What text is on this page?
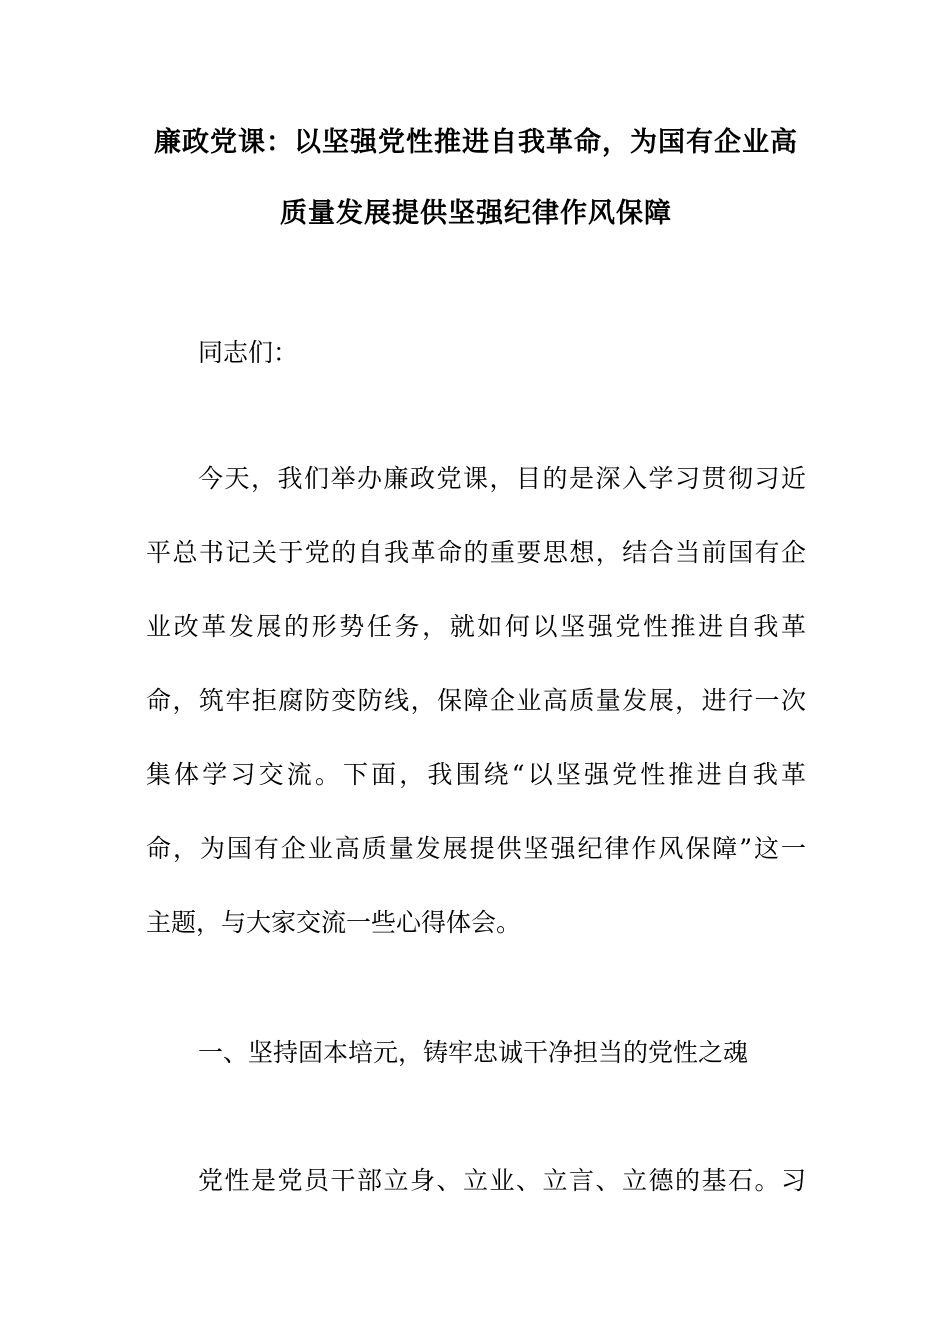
廉政党课：以坚强党性推进自我革命，为国有企业高
质量发展提供坚强纪律作风保障
同志们：
今天，我们举办廉政党课，目的是深入学习贯彻习近
平总书记关于党的自我革命的重要思想，结合当前国有企
业改革发展的形势任务，就如何以坚强党性推进自我革
命，筑牢拒腐防变防线，保障企业高质量发展，进行一次
集体学习交流。下面，我围绕“以坚强党性推进自我革
命，为国有企业高质量发展提供坚强纪律作风保障”这一
主题，与大家交流一些心得体会。
一、坚持固本培元，铸牢忠诚干净担当的党性之魂
党性是党员干部立身、立业、立言、立德的基石。习
